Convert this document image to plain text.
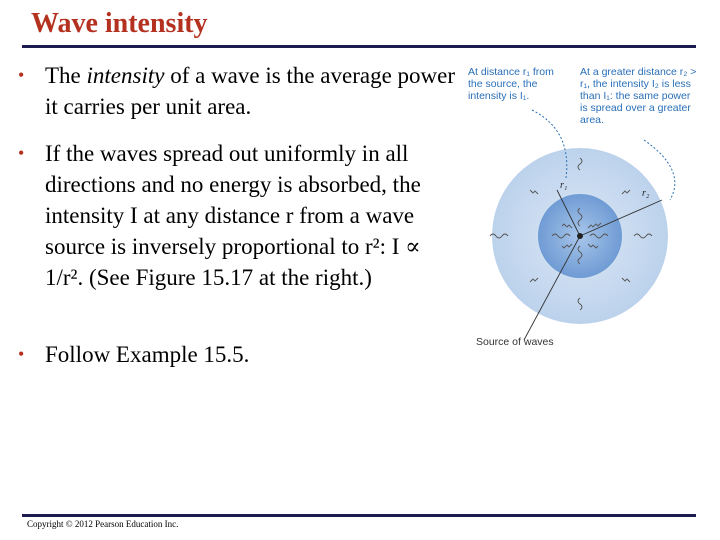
Wave intensity
• The intensity of a wave is the average power it carries per unit area.
• If the waves spread out uniformly in all directions and no energy is absorbed, the intensity I at any distance r from a wave source is inversely proportional to r²: I ∝ 1/r². (See Figure 15.17 at the right.)
• Follow Example 15.5.
r₁
r₂
At distance r₁ from the source, the intensity is I₁.
At a greater distance r₂ > r₁, the intensity I₂ is less than I₁: the same power is spread over a greater area.
Source of waves
Copyright © 2012 Pearson Education Inc.
